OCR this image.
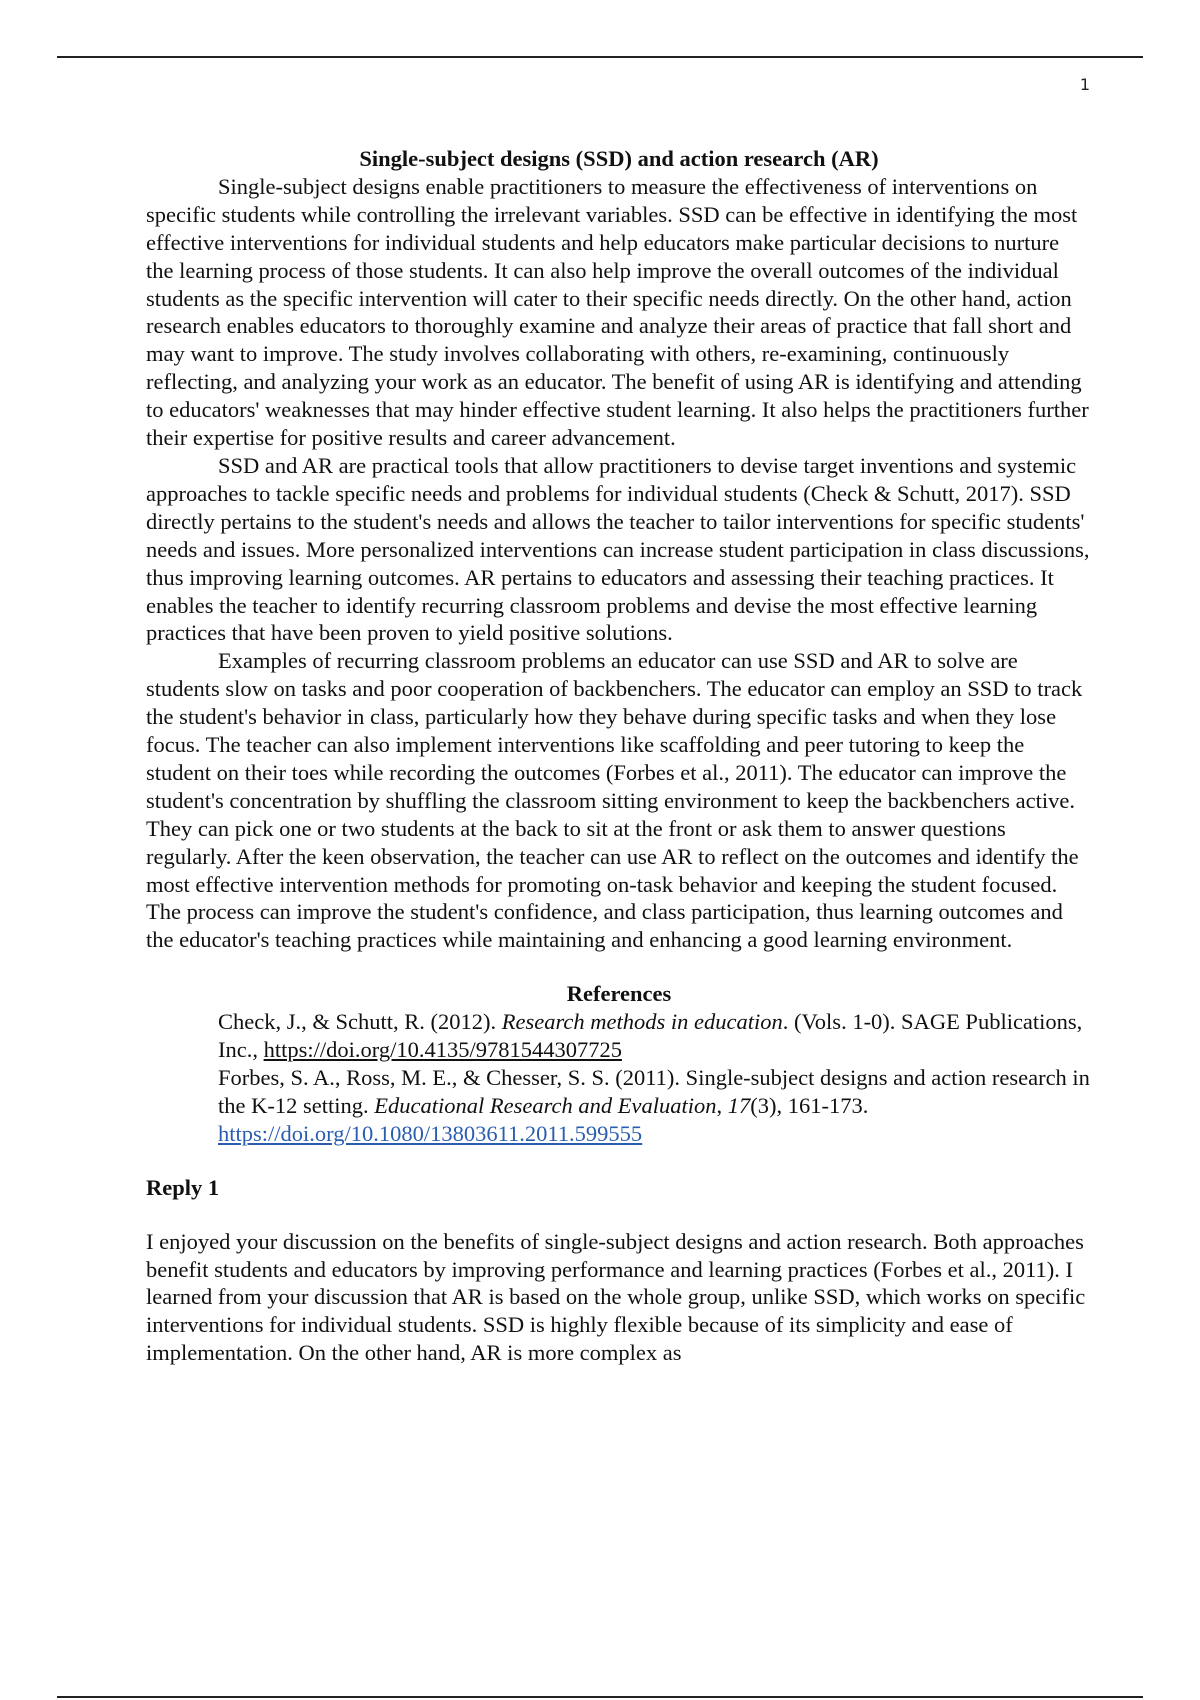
1

Single-subject designs (SSD) and action research (AR)

Single-subject designs enable practitioners to measure the effectiveness of interventions on specific students while controlling the irrelevant variables. SSD can be effective in identifying the most effective interventions for individual students and help educators make particular decisions to nurture the learning process of those students. It can also help improve the overall outcomes of the individual students as the specific intervention will cater to their specific needs directly. On the other hand, action research enables educators to thoroughly examine and analyze their areas of practice that fall short and may want to improve. The study involves collaborating with others, re-examining, continuously reflecting, and analyzing your work as an educator. The benefit of using AR is identifying and attending to educators' weaknesses that may hinder effective student learning. It also helps the practitioners further their expertise for positive results and career advancement.

SSD and AR are practical tools that allow practitioners to devise target inventions and systemic approaches to tackle specific needs and problems for individual students (Check & Schutt, 2017). SSD directly pertains to the student's needs and allows the teacher to tailor interventions for specific students' needs and issues. More personalized interventions can increase student participation in class discussions, thus improving learning outcomes. AR pertains to educators and assessing their teaching practices. It enables the teacher to identify recurring classroom problems and devise the most effective learning practices that have been proven to yield positive solutions.

Examples of recurring classroom problems an educator can use SSD and AR to solve are students slow on tasks and poor cooperation of backbenchers. The educator can employ an SSD to track the student's behavior in class, particularly how they behave during specific tasks and when they lose focus. The teacher can also implement interventions like scaffolding and peer tutoring to keep the student on their toes while recording the outcomes (Forbes et al., 2011). The educator can improve the student's concentration by shuffling the classroom sitting environment to keep the backbenchers active. They can pick one or two students at the back to sit at the front or ask them to answer questions regularly. After the keen observation, the teacher can use AR to reflect on the outcomes and identify the most effective intervention methods for promoting on-task behavior and keeping the student focused. The process can improve the student's confidence, and class participation, thus learning outcomes and the educator's teaching practices while maintaining and enhancing a good learning environment.

References

Check, J., & Schutt, R. (2012). Research methods in education. (Vols. 1-0). SAGE Publications, Inc., https://doi.org/10.4135/9781544307725

Forbes, S. A., Ross, M. E., & Chesser, S. S. (2011). Single-subject designs and action research in the K-12 setting. Educational Research and Evaluation, 17(3), 161-173. https://doi.org/10.1080/13803611.2011.599555

Reply 1

I enjoyed your discussion on the benefits of single-subject designs and action research. Both approaches benefit students and educators by improving performance and learning practices (Forbes et al., 2011). I learned from your discussion that AR is based on the whole group, unlike SSD, which works on specific interventions for individual students. SSD is highly flexible because of its simplicity and ease of implementation. On the other hand, AR is more complex as
